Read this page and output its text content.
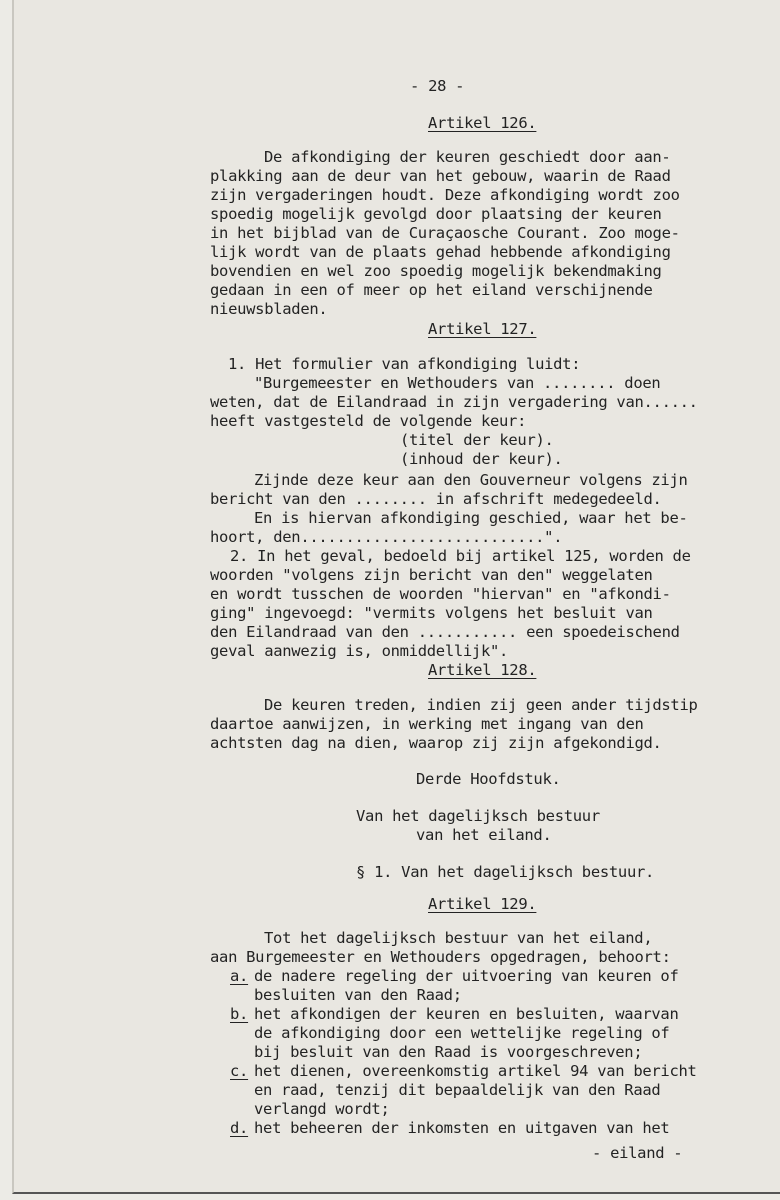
- 28 -
Artikel 126.
De afkondiging der keuren geschiedt door aan-
plakking aan de deur van het gebouw, waarin de Raad
zijn vergaderingen houdt. Deze afkondiging wordt zoo
spoedig mogelijk gevolgd door plaatsing der keuren
in het bijblad van de Curaçaosche Courant. Zoo moge-
lijk wordt van de plaats gehad hebbende afkondiging
bovendien en wel zoo spoedig mogelijk bekendmaking
gedaan in een of meer op het eiland verschijnende
nieuwsbladen.
Artikel 127.
1. Het formulier van afkondiging luidt:
"Burgemeester en Wethouders van ........ doen
weten, dat de Eilandraad in zijn vergadering van......
heeft vastgesteld de volgende keur:
(titel der keur).
(inhoud der keur).
Zijnde deze keur aan den Gouverneur volgens zijn
bericht van den ........ in afschrift medegedeeld.
En is hiervan afkondiging geschied, waar het be-
hoort, den...........................".
2. In het geval, bedoeld bij artikel 125, worden de
woorden "volgens zijn bericht van den" weggelaten
en wordt tusschen de woorden "hiervan" en "afkondi-
ging" ingevoegd: "vermits volgens het besluit van
den Eilandraad van den ........... een spoedeischend
geval aanwezig is, onmiddellijk".
Artikel 128.
De keuren treden, indien zij geen ander tijdstip
daartoe aanwijzen, in werking met ingang van den
achtsten dag na dien, waarop zij zijn afgekondigd.
Derde Hoofdstuk.
Van het dagelijksch bestuur
van het eiland.
§ 1. Van het dagelijksch bestuur.
Artikel 129.
Tot het dagelijksch bestuur van het eiland,
aan Burgemeester en Wethouders opgedragen, behoort:
a. de nadere regeling der uitvoering van keuren of
besluiten van den Raad;
b. het afkondigen der keuren en besluiten, waarvan
de afkondiging door een wettelijke regeling of
bij besluit van den Raad is voorgeschreven;
c. het dienen, overeenkomstig artikel 94 van bericht
en raad, tenzij dit bepaaldelijk van den Raad
verlangd wordt;
d. het beheeren der inkomsten en uitgaven van het
- eiland -
